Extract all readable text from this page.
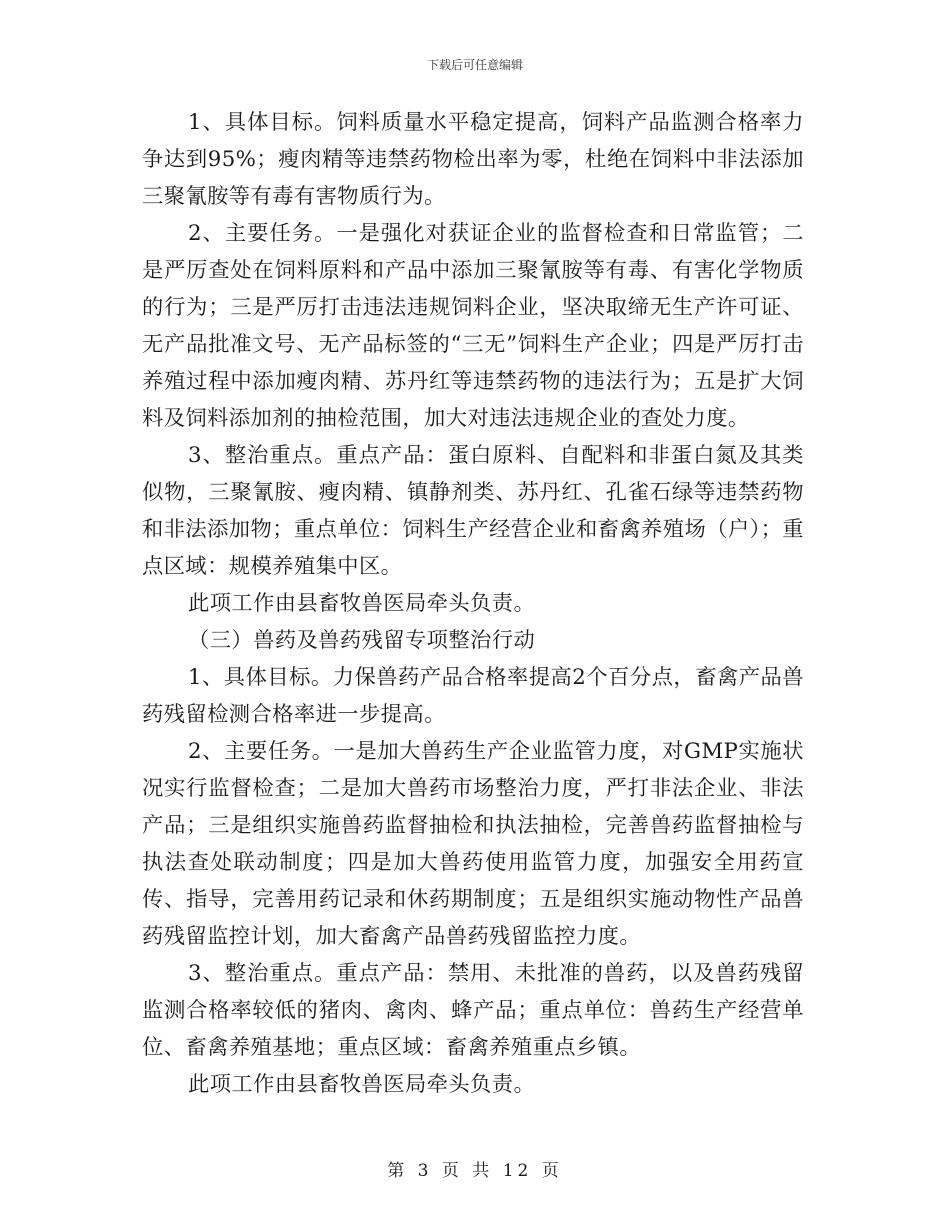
下载后可任意编辑

1、具体目标。饲料质量水平稳定提高，饲料产品监测合格率力争达到95%；瘦肉精等违禁药物检出率为零，杜绝在饲料中非法添加三聚氰胺等有毒有害物质行为。

2、主要任务。一是强化对获证企业的监督检查和日常监管；二是严厉查处在饲料原料和产品中添加三聚氰胺等有毒、有害化学物质的行为；三是严厉打击违法违规饲料企业，坚决取缔无生产许可证、无产品批准文号、无产品标签的“三无”饲料生产企业；四是严厉打击养殖过程中添加瘦肉精、苏丹红等违禁药物的违法行为；五是扩大饲料及饲料添加剂的抽检范围，加大对违法违规企业的查处力度。

3、整治重点。重点产品：蛋白原料、自配料和非蛋白氮及其类似物，三聚氰胺、瘦肉精、镇静剂类、苏丹红、孔雀石绿等违禁药物和非法添加物；重点单位：饲料生产经营企业和畜禽养殖场（户）；重点区域：规模养殖集中区。

此项工作由县畜牧兽医局牵头负责。

（三）兽药及兽药残留专项整治行动

1、具体目标。力保兽药产品合格率提高2个百分点，畜禽产品兽药残留检测合格率进一步提高。

2、主要任务。一是加大兽药生产企业监管力度，对GMP实施状况实行监督检查；二是加大兽药市场整治力度，严打非法企业、非法产品；三是组织实施兽药监督抽检和执法抽检，完善兽药监督抽检与执法查处联动制度；四是加大兽药使用监管力度，加强安全用药宣传、指导，完善用药记录和休药期制度；五是组织实施动物性产品兽药残留监控计划，加大畜禽产品兽药残留监控力度。

3、整治重点。重点产品：禁用、未批准的兽药，以及兽药残留监测合格率较低的猪肉、禽肉、蜂产品；重点单位：兽药生产经营单位、畜禽养殖基地；重点区域：畜禽养殖重点乡镇。

此项工作由县畜牧兽医局牵头负责。

第 3 页 共 12 页
